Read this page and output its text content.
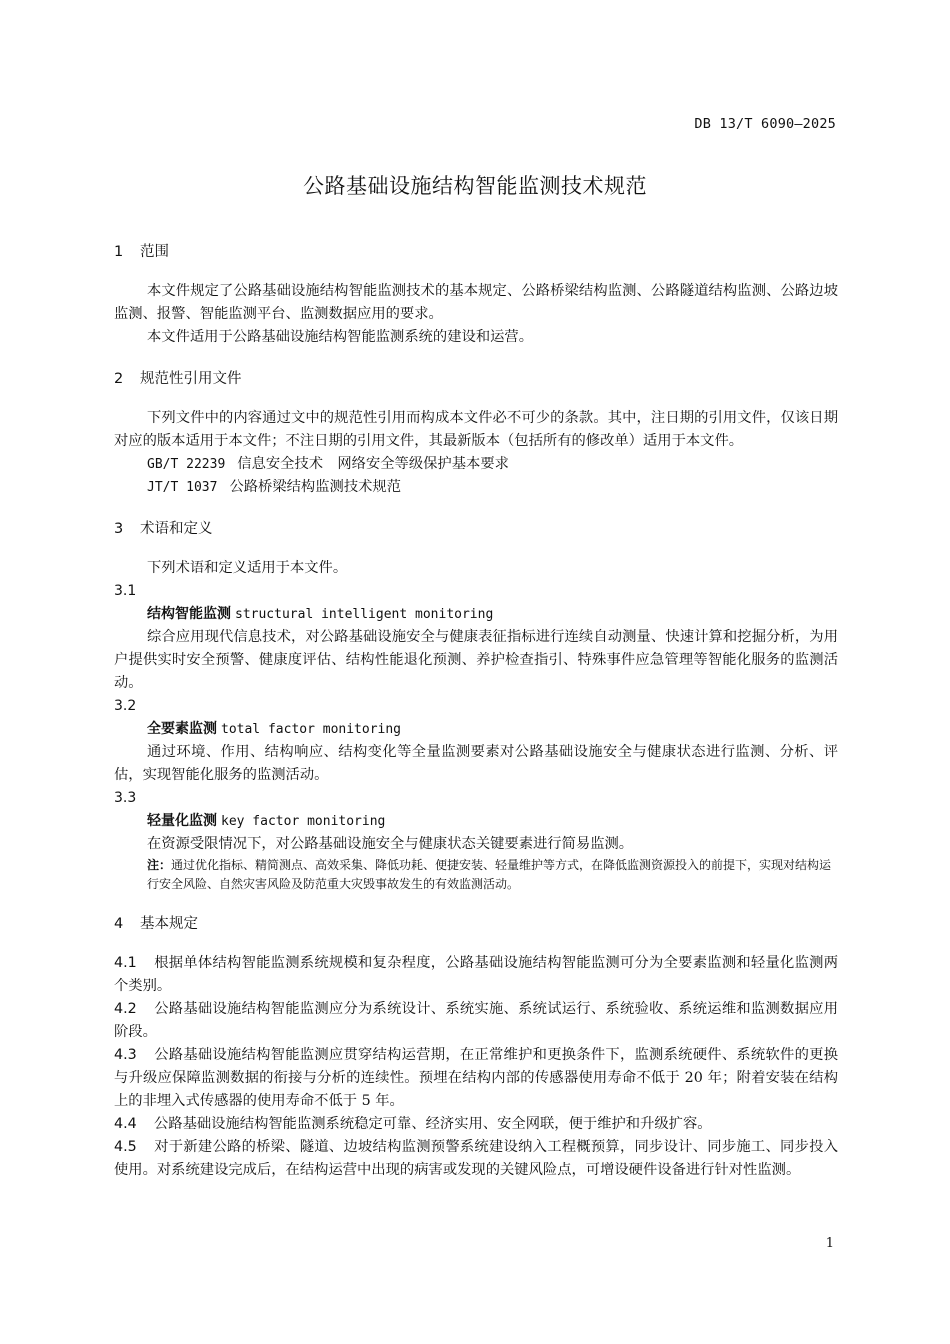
DB 13/T 6090—2025
公路基础设施结构智能监测技术规范
1 范围

本文件规定了公路基础设施结构智能监测技术的基本规定、公路桥梁结构监测、公路隧道结构监测、公路边坡监测、报警、智能监测平台、监测数据应用的要求。

本文件适用于公路基础设施结构智能监测系统的建设和运营。

2 规范性引用文件

下列文件中的内容通过文中的规范性引用而构成本文件必不可少的条款。其中，注日期的引用文件，仅该日期对应的版本适用于本文件；不注日期的引用文件，其最新版本（包括所有的修改单）适用于本文件。

GB/T 22239 信息安全技术　网络安全等级保护基本要求
JT/T 1037 公路桥梁结构监测技术规范
3 术语和定义

下列术语和定义适用于本文件。

3.1
结构智能监测 structural intelligent monitoring

综合应用现代信息技术，对公路基础设施安全与健康表征指标进行连续自动测量、快速计算和挖掘分析，为用户提供实时安全预警、健康度评估、结构性能退化预测、养护检查指引、特殊事件应急管理等智能化服务的监测活动。

3.2
全要素监测 total factor monitoring

通过环境、作用、结构响应、结构变化等全量监测要素对公路基础设施安全与健康状态进行监测、分析、评估，实现智能化服务的监测活动。

3.3
轻量化监测 key factor monitoring

在资源受限情况下，对公路基础设施安全与健康状态关键要素进行简易监测。

注：通过优化指标、精简测点、高效采集、降低功耗、便捷安装、轻量维护等方式，在降低监测资源投入的前提下，实现对结构运行安全风险、自然灾害风险及防范重大灾毁事故发生的有效监测活动。
4 基本规定

4.1 根据单体结构智能监测系统规模和复杂程度，公路基础设施结构智能监测可分为全要素监测和轻量化监测两个类别。

4.2 公路基础设施结构智能监测应分为系统设计、系统实施、系统试运行、系统验收、系统运维和监测数据应用阶段。

4.3 公路基础设施结构智能监测应贯穿结构运营期，在正常维护和更换条件下，监测系统硬件、系统软件的更换与升级应保障监测数据的衔接与分析的连续性。预埋在结构内部的传感器使用寿命不低于 20 年；附着安装在结构上的非埋入式传感器的使用寿命不低于 5 年。

4.4 公路基础设施结构智能监测系统稳定可靠、经济实用、安全网联，便于维护和升级扩容。

4.5 对于新建公路的桥梁、隧道、边坡结构监测预警系统建设纳入工程概预算，同步设计、同步施工、同步投入使用。对系统建设完成后，在结构运营中出现的病害或发现的关键风险点，可增设硬件设备进行针对性监测。

1
